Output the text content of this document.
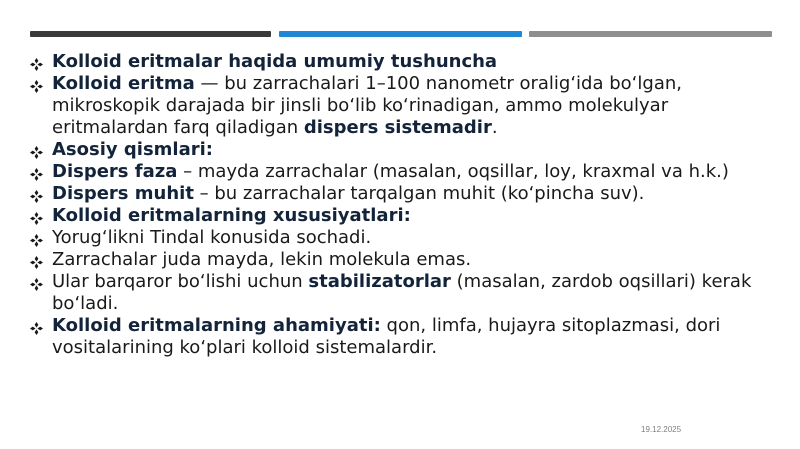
Kolloid eritmalar haqida umumiy tushuncha
Kolloid eritma — bu zarrachalari 1–100 nanometr oralig‘ida bo‘lgan, mikroskopik darajada bir jinsli bo‘lib ko‘rinadigan, ammo molekulyar eritmalardan farq qiladigan dispers sistemadir.
Asosiy qismlari:
Dispers faza – mayda zarrachalar (masalan, oqsillar, loy, kraxmal va h.k.)
Dispers muhit – bu zarrachalar tarqalgan muhit (ko‘pincha suv).
Kolloid eritmalarning xususiyatlari:
Yorug‘likni Tindal konusida sochadi.
Zarrachalar juda mayda, lekin molekula emas.
Ular barqaror bo‘lishi uchun stabilizatorlar (masalan, zardob oqsillari) kerak bo‘ladi.
Kolloid eritmalarning ahamiyati: qon, limfa, hujayra sitoplazmasi, dori vositalarining ko‘plari kolloid sistemalardir.
19.12.2025
